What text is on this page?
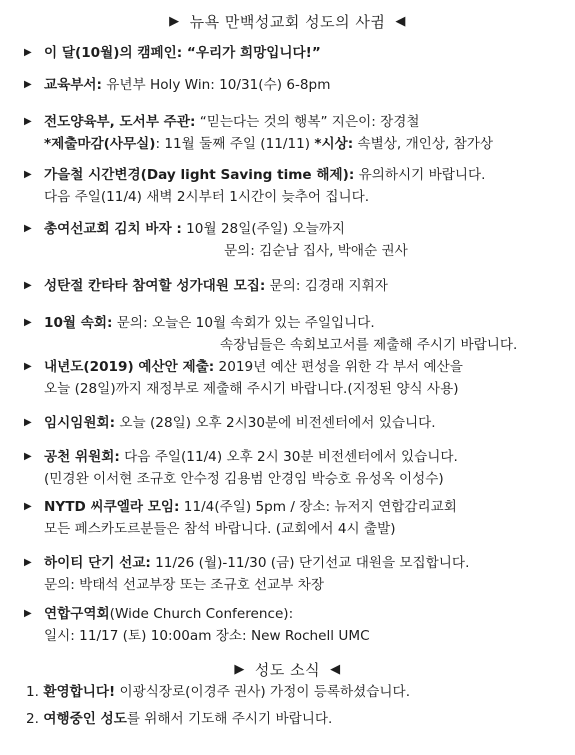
▶ 뉴욕 만백성교회 성도의 사귐 ◀
▶ 이 달(10월)의 캠페인: “우리가 희망입니다!”
▶ 교육부서: 유년부 Holy Win: 10/31(수) 6-8pm
▶ 전도양육부, 도서부 주관: “믿는다는 것의 행복” 지은이: 장경철
*제출마감(사무실): 11월 둘째 주일 (11/11) *시상: 속별상, 개인상, 참가상
▶ 가을철 시간변경(Day light Saving time 해제): 유의하시기 바랍니다.
다음 주일(11/4) 새벽 2시부터 1시간이 늦추어 집니다.
▶ 총여선교회 김치 바자 : 10월 28일(주일) 오늘까지
문의: 김순남 집사, 박애순 권사
▶ 성탄절 칸타타 참여할 성가대원 모집: 문의: 김경래 지휘자
▶ 10월 속회: 문의: 오늘은 10월 속회가 있는 주일입니다.
속장님들은 속회보고서를 제출해 주시기 바랍니다.
▶ 내년도(2019) 예산안 제출: 2019년 예산 편성을 위한 각 부서 예산을
오늘 (28일)까지 재정부로 제출해 주시기 바랍니다.(지정된 양식 사용)
▶ 임시임원회: 오늘 (28일) 오후 2시30분에 비전센터에서 있습니다.
▶ 공천 위원회: 다음 주일(11/4) 오후 2시 30분 비전센터에서 있습니다.
(민경완 이서현 조규호 안수정 김용범 안경임 박승호 유성옥 이성수)
▶ NYTD 씨쿠엘라 모임: 11/4(주일) 5pm / 장소: 뉴저지 연합감리교회
모든 페스카도르분들은 참석 바랍니다. (교회에서 4시 출발)
▶ 하이티 단기 선교: 11/26 (월)-11/30 (금) 단기선교 대원을 모집합니다.
문의: 박태석 선교부장 또는 조규호 선교부 차장
▶ 연합구역회(Wide Church Conference):
일시: 11/17 (토) 10:00am 장소: New Rochell UMC
▶ 성도 소식 ◀
1. 환영합니다! 이광식장로(이경주 권사) 가정이 등록하셨습니다.
2. 여행중인 성도를 위해서 기도해 주시기 바랍니다.
